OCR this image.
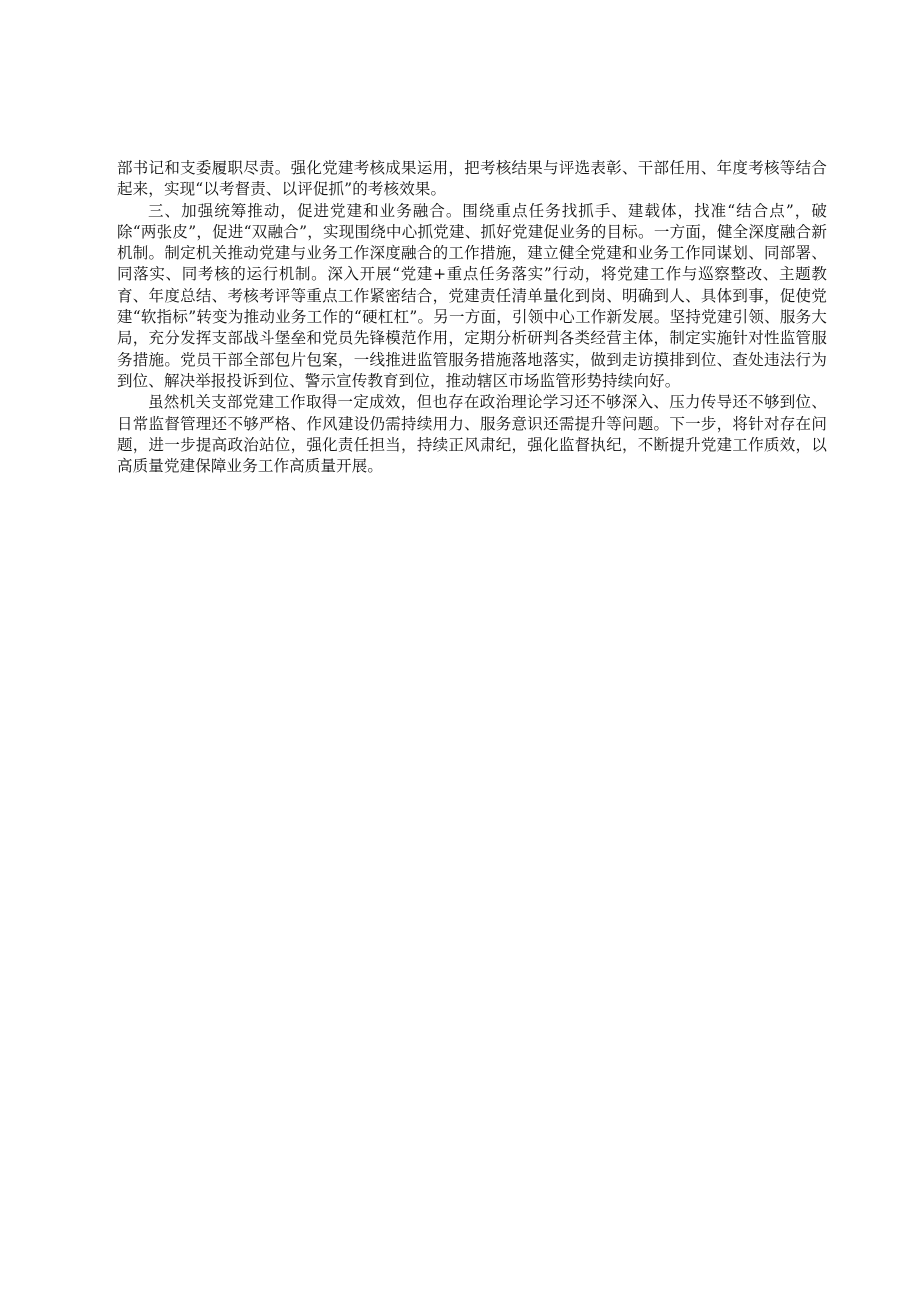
部书记和支委履职尽责。强化党建考核成果运用，把考核结果与评选表彰、干部任用、年度考核等结合起来，实现“以考督责、以评促抓”的考核效果。

三、加强统筹推动，促进党建和业务融合。围绕重点任务找抓手、建载体，找准“结合点”，破除“两张皮”，促进“双融合”，实现围绕中心抓党建、抓好党建促业务的目标。一方面，健全深度融合新机制。制定机关推动党建与业务工作深度融合的工作措施，建立健全党建和业务工作同谋划、同部署、同落实、同考核的运行机制。深入开展“党建+重点任务落实”行动，将党建工作与巡察整改、主题教育、年度总结、考核考评等重点工作紧密结合，党建责任清单量化到岗、明确到人、具体到事，促使党建“软指标”转变为推动业务工作的“硬杠杠”。另一方面，引领中心工作新发展。坚持党建引领、服务大局，充分发挥支部战斗堡垒和党员先锋模范作用，定期分析研判各类经营主体，制定实施针对性监管服务措施。党员干部全部包片包案，一线推进监管服务措施落地落实，做到走访摸排到位、查处违法行为到位、解决举报投诉到位、警示宣传教育到位，推动辖区市场监管形势持续向好。

虽然机关支部党建工作取得一定成效，但也存在政治理论学习还不够深入、压力传导还不够到位、日常监督管理还不够严格、作风建设仍需持续用力、服务意识还需提升等问题。下一步，将针对存在问题，进一步提高政治站位，强化责任担当，持续正风肃纪，强化监督执纪，不断提升党建工作质效，以高质量党建保障业务工作高质量开展。
